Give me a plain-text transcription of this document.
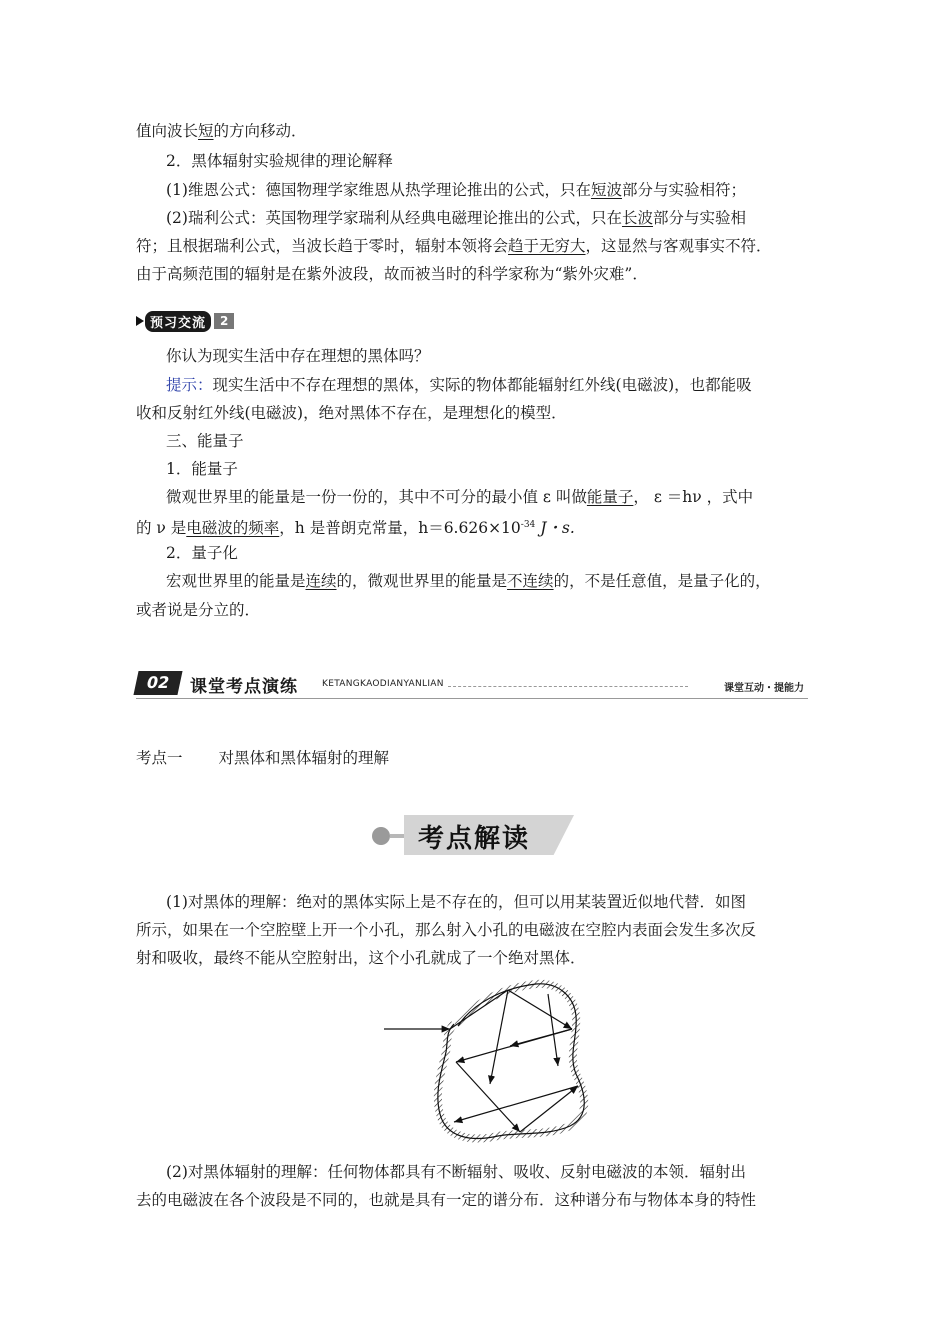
值向波长短的方向移动．
2．黑体辐射实验规律的理论解释
(1)维恩公式：德国物理学家维恩从热学理论推出的公式，只在短波部分与实验相符；
(2)瑞利公式：英国物理学家瑞利从经典电磁理论推出的公式，只在长波部分与实验相
符；且根据瑞利公式，当波长趋于零时，辐射本领将会趋于无穷大，这显然与客观事实不符．
由于高频范围的辐射是在紫外波段，故而被当时的科学家称为“紫外灾难”．
预习交流	2
你认为现实生活中存在理想的黑体吗？
提示：现实生活中不存在理想的黑体，实际的物体都能辐射红外线(电磁波)，也都能吸
收和反射红外线(电磁波)，绝对黑体不存在，是理想化的模型．
三、能量子
1．能量子
微观世界里的能量是一份一份的，其中不可分的最小值 ε 叫做能量子， ε ＝hν ，式中
的 ν 是电磁波的频率，h 是普朗克常量，$h=6.626\times 10^{-34}$ J・s.
2．量子化
宏观世界里的能量是连续的，微观世界里的能量是不连续的，不是任意值，是量子化的，
或者说是分立的．
02	课堂考点演练	KETANGKAODIANYANLIAN	课堂互动・提能力
考点一 对黑体和黑体辐射的理解
考点解读
(1)对黑体的理解：绝对的黑体实际上是不存在的，但可以用某装置近似地代替．如图
所示，如果在一个空腔壁上开一个小孔，那么射入小孔的电磁波在空腔内表面会发生多次反
射和吸收，最终不能从空腔射出，这个小孔就成了一个绝对黑体．
(2)对黑体辐射的理解：任何物体都具有不断辐射、吸收、反射电磁波的本领．辐射出
去的电磁波在各个波段是不同的，也就是具有一定的谱分布．这种谱分布与物体本身的特性
